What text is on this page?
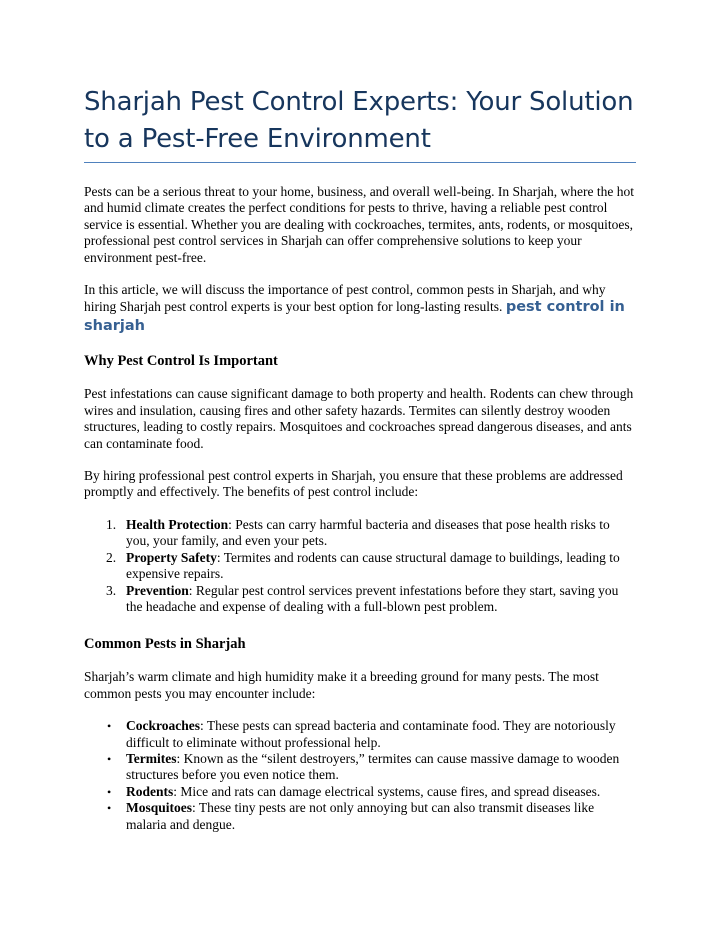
Sharjah Pest Control Experts: Your Solution to a Pest-Free Environment

Pests can be a serious threat to your home, business, and overall well-being. In Sharjah, where the hot and humid climate creates the perfect conditions for pests to thrive, having a reliable pest control service is essential. Whether you are dealing with cockroaches, termites, ants, rodents, or mosquitoes, professional pest control services in Sharjah can offer comprehensive solutions to keep your environment pest-free.

In this article, we will discuss the importance of pest control, common pests in Sharjah, and why hiring Sharjah pest control experts is your best option for long-lasting results. pest control in sharjah

Why Pest Control Is Important

Pest infestations can cause significant damage to both property and health. Rodents can chew through wires and insulation, causing fires and other safety hazards. Termites can silently destroy wooden structures, leading to costly repairs. Mosquitoes and cockroaches spread dangerous diseases, and ants can contaminate food.

By hiring professional pest control experts in Sharjah, you ensure that these problems are addressed promptly and effectively. The benefits of pest control include:

1. Health Protection: Pests can carry harmful bacteria and diseases that pose health risks to you, your family, and even your pets.
2. Property Safety: Termites and rodents can cause structural damage to buildings, leading to expensive repairs.
3. Prevention: Regular pest control services prevent infestations before they start, saving you the headache and expense of dealing with a full-blown pest problem.
Common Pests in Sharjah

Sharjah’s warm climate and high humidity make it a breeding ground for many pests. The most common pests you may encounter include:

• Cockroaches: These pests can spread bacteria and contaminate food. They are notoriously difficult to eliminate without professional help.
• Termites: Known as the “silent destroyers,” termites can cause massive damage to wooden structures before you even notice them.
• Rodents: Mice and rats can damage electrical systems, cause fires, and spread diseases.
• Mosquitoes: These tiny pests are not only annoying but can also transmit diseases like malaria and dengue.
